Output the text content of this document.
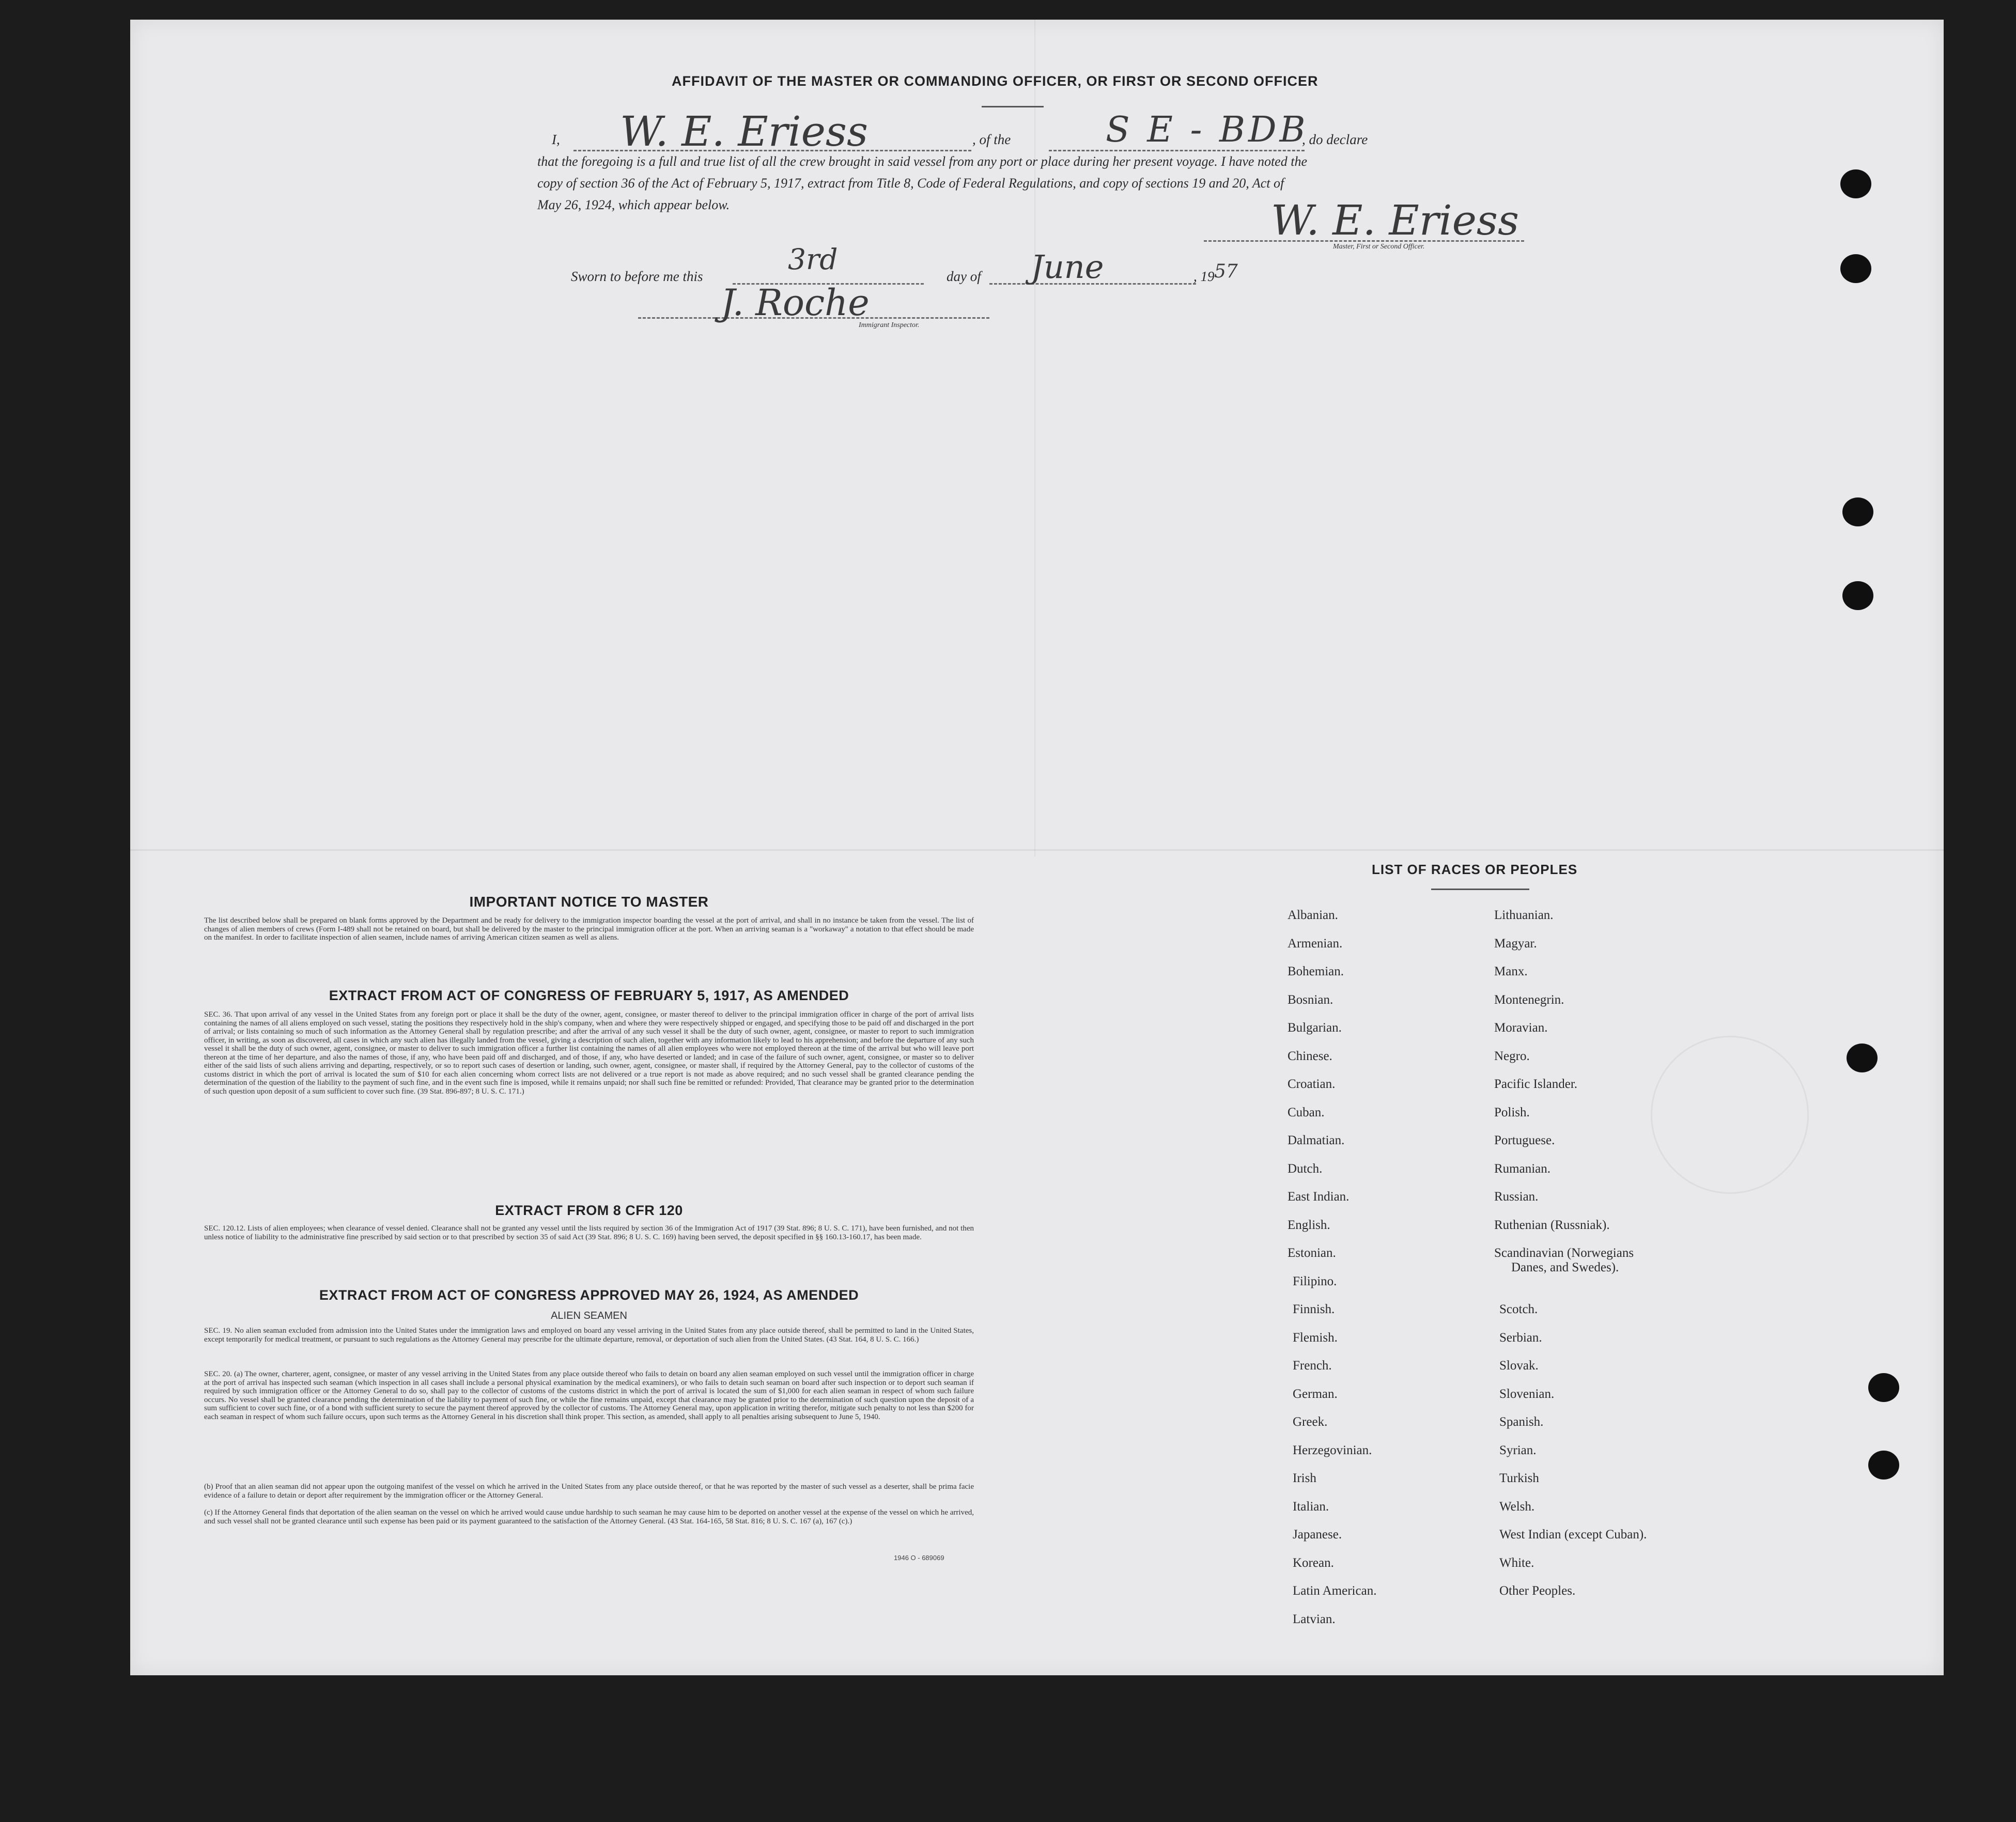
AFFIDAVIT OF THE MASTER OR COMMANDING OFFICER, OR FIRST OR SECOND OFFICER
I, W. E. Eriess	, of the	S E - BDB
, do declare
that the foregoing is a full and true list of all the crew brought in said vessel from any port or place during her present voyage. I have noted the
copy of section 36 of the Act of February 5, 1917, extract from Title 8, Code of Federal Regulations, and copy of sections 19 and 20, Act of
May 26, 1924, which appear below.	W. E. Eriess
Master, First or Second Officer.
Sworn to before me this
3rd
day of June	, 19 57
J. Roche
Immigrant Inspector.
IMPORTANT NOTICE TO MASTER
The list described below shall be prepared on blank forms approved by the Department and be ready for delivery to the immigration inspector boarding the vessel at the port of arrival, and shall in no instance be taken from the vessel. The list of changes of alien members of crews (Form I-489 shall not be retained on board, but shall be delivered by the master to the principal immigration officer at the port. When an arriving seaman is a "workaway" a notation to that effect should be made on the manifest. In order to facilitate inspection of alien seamen, include names of arriving American citizen seamen as well as aliens.
EXTRACT FROM ACT OF CONGRESS OF FEBRUARY 5, 1917, AS AMENDED
SEC. 36. That upon arrival of any vessel in the United States from any foreign port or place it shall be the duty of the owner, agent, consignee, or master thereof to deliver to the principal immigration officer in charge of the port of arrival lists containing the names of all aliens employed on such vessel, stating the positions they respectively hold in the ship's company, when and where they were respectively shipped or engaged, and specifying those to be paid off and discharged in the port of arrival; or lists containing so much of such information as the Attorney General shall by regulation prescribe; and after the arrival of any such vessel it shall be the duty of such owner, agent, consignee, or master to report to such immigration officer, in writing, as soon as discovered, all cases in which any such alien has illegally landed from the vessel, giving a description of such alien, together with any information likely to lead to his apprehension; and before the departure of any such vessel it shall be the duty of such owner, agent, consignee, or master to deliver to such immigration officer a further list containing the names of all alien employees who were not employed thereon at the time of the arrival but who will leave port thereon at the time of her departure, and also the names of those, if any, who have been paid off and discharged, and of those, if any, who have deserted or landed; and in case of the failure of such owner, agent, consignee, or master so to deliver either of the said lists of such aliens arriving and departing, respectively, or so to report such cases of desertion or landing, such owner, agent, consignee, or master shall, if required by the Attorney General, pay to the collector of customs of the customs district in which the port of arrival is located the sum of $10 for each alien concerning whom correct lists are not delivered or a true report is not made as above required; and no such vessel shall be granted clearance pending the determination of the question of the liability to the payment of such fine, and in the event such fine is imposed, while it remains unpaid; nor shall such fine be remitted or refunded: Provided, That clearance may be granted prior to the determination of such question upon deposit of a sum sufficient to cover such fine. (39 Stat. 896-897; 8 U. S. C. 171.)
EXTRACT FROM 8 CFR 120
SEC. 120.12. Lists of alien employees; when clearance of vessel denied. Clearance shall not be granted any vessel until the lists required by section 36 of the Immigration Act of 1917 (39 Stat. 896; 8 U. S. C. 171), have been furnished, and not then unless notice of liability to the administrative fine prescribed by said section or to that prescribed by section 35 of said Act (39 Stat. 896; 8 U. S. C. 169) having been served, the deposit specified in §§ 160.13-160.17, has been made.
EXTRACT FROM ACT OF CONGRESS APPROVED MAY 26, 1924, AS AMENDED
ALIEN SEAMEN
SEC. 19. No alien seaman excluded from admission into the United States under the immigration laws and employed on board any vessel arriving in the United States from any place outside thereof, shall be permitted to land in the United States, except temporarily for medical treatment, or pursuant to such regulations as the Attorney General may prescribe for the ultimate departure, removal, or deportation of such alien from the United States. (43 Stat. 164, 8 U. S. C. 166.)
SEC. 20. (a) The owner, charterer, agent, consignee, or master of any vessel arriving in the United States from any place outside thereof who fails to detain on board any alien seaman employed on such vessel until the immigration officer in charge at the port of arrival has inspected such seaman (which inspection in all cases shall include a personal physical examination by the medical examiners), or who fails to detain such seaman on board after such inspection or to deport such seaman if required by such immigration officer or the Attorney General to do so, shall pay to the collector of customs of the customs district in which the port of arrival is located the sum of $1,000 for each alien seaman in respect of whom such failure occurs. No vessel shall be granted clearance pending the determination of the liability to payment of such fine, or while the fine remains unpaid, except that clearance may be granted prior to the determination of such question upon the deposit of a sum sufficient to cover such fine, or of a bond with sufficient surety to secure the payment thereof approved by the collector of customs. The Attorney General may, upon application in writing therefor, mitigate such penalty to not less than $200 for each seaman in respect of whom such failure occurs, upon such terms as the Attorney General in his discretion shall think proper. This section, as amended, shall apply to all penalties arising subsequent to June 5, 1940.
(b) Proof that an alien seaman did not appear upon the outgoing manifest of the vessel on which he arrived in the United States from any place outside thereof, or that he was reported by the master of such vessel as a deserter, shall be prima facie evidence of a failure to detain or deport after requirement by the immigration officer or the Attorney General.
(c) If the Attorney General finds that deportation of the alien seaman on the vessel on which he arrived would cause undue hardship to such seaman he may cause him to be deported on another vessel at the expense of the vessel on which he arrived, and such vessel shall not be granted clearance until such expense has been paid or its payment guaranteed to the satisfaction of the Attorney General. (43 Stat. 164-165, 58 Stat. 816; 8 U. S. C. 167 (a), 167 (c).)
1946 O - 689069
LIST OF RACES OR PEOPLES
Albanian.
Armenian.
Bohemian.
Bosnian.
Bulgarian.
Chinese.
Croatian.
Cuban.
Dalmatian.
Dutch.
East Indian.
English.
Estonian.
Filipino.
Finnish.
Flemish.
French.
German.
Greek.
Herzegovinian.
Irish
Italian.
Japanese.
Korean.
Latin American.
Latvian.
Lithuanian.
Magyar.
Manx.
Montenegrin.
Moravian.
Negro.
Pacific Islander.
Polish.
Portuguese.
Rumanian.
Russian.
Ruthenian (Russniak).
Scandinavian (Norwegians
Danes, and Swedes).
Scotch.
Serbian.
Slovak.
Slovenian.
Spanish.
Syrian.
Turkish
Welsh.
West Indian (except Cuban).
White.
Other Peoples.
